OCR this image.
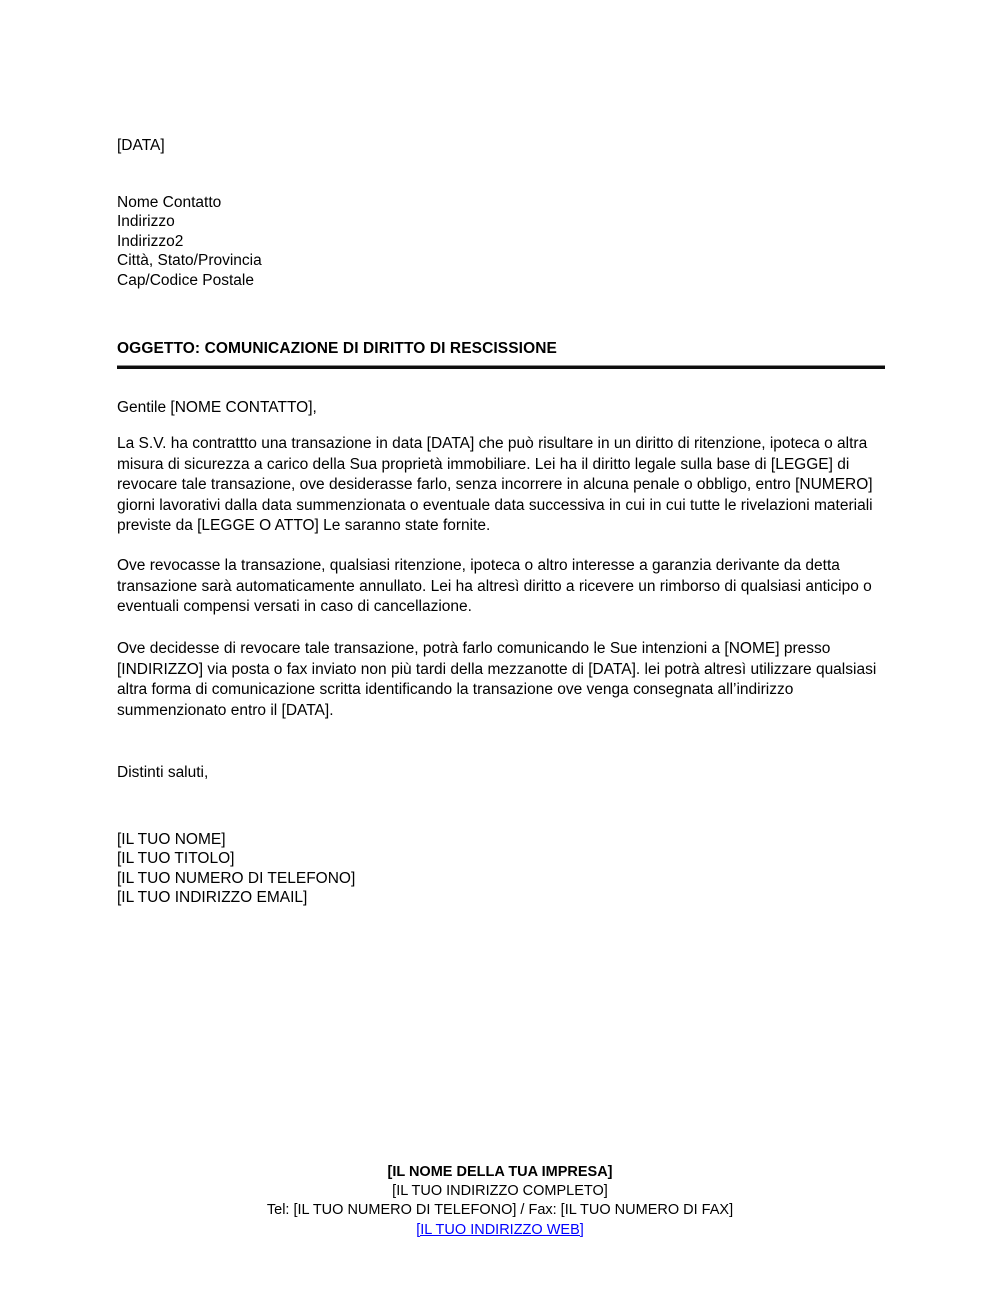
[DATA]
Nome Contatto
Indirizzo
Indirizzo2
Città, Stato/Provincia
Cap/Codice Postale
OGGETTO: COMUNICAZIONE DI DIRITTO DI RESCISSIONE
Gentile [NOME CONTATTO],
La S.V. ha contrattto una transazione in data [DATA] che può risultare in un diritto di ritenzione, ipoteca o altra misura di sicurezza a carico della Sua proprietà immobiliare. Lei ha il diritto legale sulla base di [LEGGE] di revocare tale transazione, ove desiderasse farlo, senza incorrere in alcuna penale o obbligo, entro [NUMERO] giorni lavorativi dalla data summenzionata o eventuale data successiva in cui in cui tutte le rivelazioni materiali previste da [LEGGE O ATTO] Le saranno state fornite.
Ove revocasse la transazione, qualsiasi ritenzione, ipoteca o altro interesse a garanzia derivante da detta transazione sarà automaticamente annullato. Lei ha altresì diritto a ricevere un rimborso di qualsiasi anticipo o eventuali compensi versati in caso di cancellazione.
Ove decidesse di revocare tale transazione, potrà farlo comunicando le Sue intenzioni a [NOME] presso [INDIRIZZO] via posta o fax inviato non più tardi della mezzanotte di [DATA]. lei potrà altresì utilizzare qualsiasi altra forma di comunicazione scritta identificando la transazione ove venga consegnata all’indirizzo summenzionato entro il [DATA].
Distinti saluti,
[IL TUO NOME]
[IL TUO TITOLO]
[IL TUO NUMERO DI TELEFONO]
[IL TUO INDIRIZZO EMAIL]
[IL NOME DELLA TUA IMPRESA]
[IL TUO INDIRIZZO COMPLETO]
Tel: [IL TUO NUMERO DI TELEFONO] / Fax: [IL TUO NUMERO DI FAX]
[IL TUO INDIRIZZO WEB]
